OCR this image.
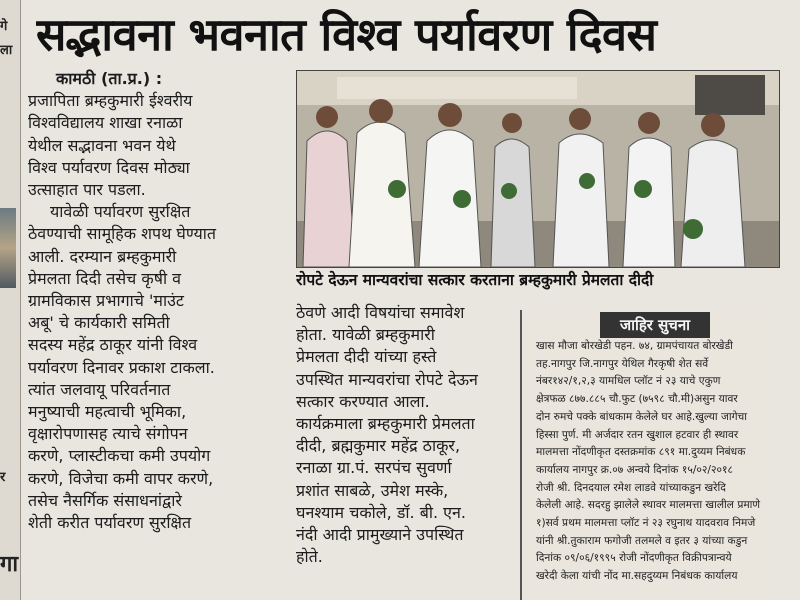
गे
ला
र
गा
सद्भावना भवनात विश्व पर्यावरण दिवस
कामठी (ता.प्र.) :
प्रजापिता ब्रम्हकुमारी ईश्वरीय
विश्वविद्यालय शाखा रनाळा
येथील सद्भावना भवन येथे
विश्व पर्यावरण दिवस मोठ्या
उत्साहात पार पडला.
यावेळी पर्यावरण सुरक्षित
ठेवण्याची सामूहिक शपथ घेण्यात
आली. दरम्यान ब्रम्हकुमारी
प्रेमलता दिदी तसेच कृषी व
ग्रामविकास प्रभागाचे 'माउंट
अबू' चे कार्यकारी समिती
सदस्य महेंद्र ठाकूर यांनी विश्व
पर्यावरण दिनावर प्रकाश टाकला.
त्यांत जलवायू परिवर्तनात
मनुष्याची महत्वाची भूमिका,
वृक्षारोपणासह त्याचे संगोपन
करणे, प्लास्टीकचा कमी उपयोग
करणे, विजेचा कमी वापर करणे,
तसेच नैसर्गिक संसाधनांद्वारे
शेती करीत पर्यावरण सुरक्षित
रोपटे देऊन मान्यवरांचा सत्कार करताना ब्रम्हकुमारी प्रेमलता दीदी
ठेवणे आदी विषयांचा समावेश
होता. यावेळी ब्रम्हकुमारी
प्रेमलता दीदी यांच्या हस्ते
उपस्थित मान्यवरांचा रोपटे देऊन
सत्कार करण्यात आला.
कार्यक्रमाला ब्रम्हकुमारी प्रेमलता
दीदी, ब्रह्मकुमार महेंद्र ठाकूर,
रनाळा ग्रा.पं. सरपंच सुवर्णा
प्रशांत साबळे, उमेश मस्के,
घनश्याम चकोले, डॉ. बी. एन.
नंदी आदी प्रामुख्याने उपस्थित
होते.
जाहिर सुचना
खास मौजा बोरखेडी पहन. ७४, ग्रामपंचायत बोरखेडी
तह.नागपुर जि.नागपुर येथिल गैरकृषी शेत सर्वे
नंबर१४२/१,२,३ यामधिल प्लॉट नं २३ याचे एकुण
क्षेत्रफळ ८७७.८८५ चौ.फुट (७५९८ चौ.मी)असुन यावर
दोन रुमचे पक्के बांधकाम केलेले घर आहे.खुल्या जागेचा
हिस्सा पुर्ण. मी अर्जदार रतन खुशाल हटवार ही स्थावर
मालमत्ता नोंदणीकृत दस्तक्रमांक ८९१ मा.दुय्यम निबंधक
कार्यालय नागपुर क्र.०७ अन्वये दिनांक १५/०२/२०१८
रोजी श्री. दिनदयाल रमेश लाडवे यांच्याकडुन खरेदि
केलेली आहे. सदरहु झालेले स्थावर मालमत्ता खालील प्रमाणे
१)सर्व प्रथम मालमत्ता प्लॉट नं २३ रघुनाथ यादवराव निमजे
यांनी श्री.तुकाराम फगोजी तलमले व इतर ३ यांच्या कडुन
दिनांक ०९/०६/१९९५ रोजी नोंदणीकृत विक्रीपत्रान्वये
खरेदी केला यांची नोंद मा.सहदुय्यम निबंधक कार्यालय
